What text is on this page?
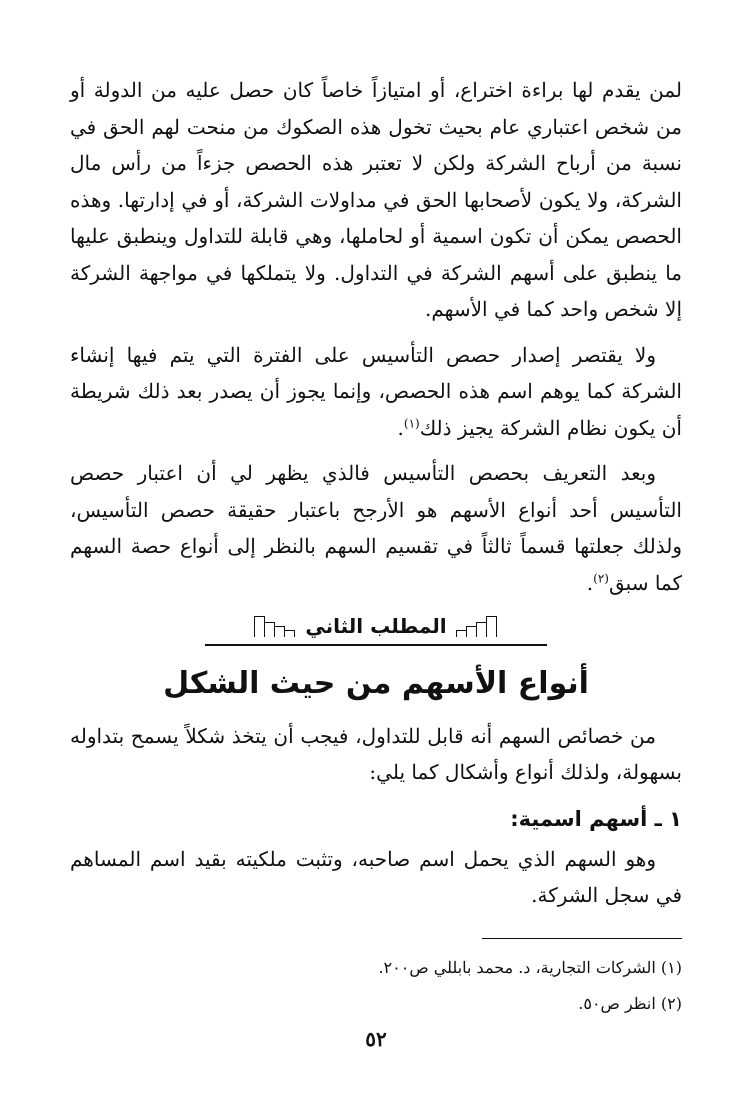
لمن يقدم لها براءة اختراع، أو امتيازاً خاصاً كان حصل عليه من الدولة أو من شخص اعتباري عام بحيث تخول هذه الصكوك من منحت لهم الحق في نسبة من أرباح الشركة ولكن لا تعتبر هذه الحصص جزءاً من رأس مال الشركة، ولا يكون لأصحابها الحق في مداولات الشركة، أو في إدارتها. وهذه الحصص يمكن أن تكون اسمية أو لحاملها، وهي قابلة للتداول وينطبق عليها ما ينطبق على أسهم الشركة في التداول. ولا يتملكها في مواجهة الشركة إلا شخص واحد كما في الأسهم.

ولا يقتصر إصدار حصص التأسيس على الفترة التي يتم فيها إنشاء الشركة كما يوهم اسم هذه الحصص، وإنما يجوز أن يصدر بعد ذلك شريطة أن يكون نظام الشركة يجيز ذلك$^{(١)}$.

وبعد التعريف بحصص التأسيس فالذي يظهر لي أن اعتبار حصص التأسيس أحد أنواع الأسهم هو الأرجح باعتبار حقيقة حصص التأسيس، ولذلك جعلتها قسماً ثالثاً في تقسيم السهم بالنظر إلى أنواع حصة السهم كما سبق$^{(٢)}$.

المطلب الثاني
أنواع الأسهم من حيث الشكل

من خصائص السهم أنه قابل للتداول، فيجب أن يتخذ شكلاً يسمح بتداوله بسهولة، ولذلك أنواع وأشكال كما يلي:

١ ـ أسهم اسمية:

وهو السهم الذي يحمل اسم صاحبه، وتثبت ملكيته بقيد اسم المساهم في سجل الشركة.

(١) الشركات التجارية، د. محمد بابللي ص٢٠٠.

(٢) انظر ص٥٠.

٥٢
